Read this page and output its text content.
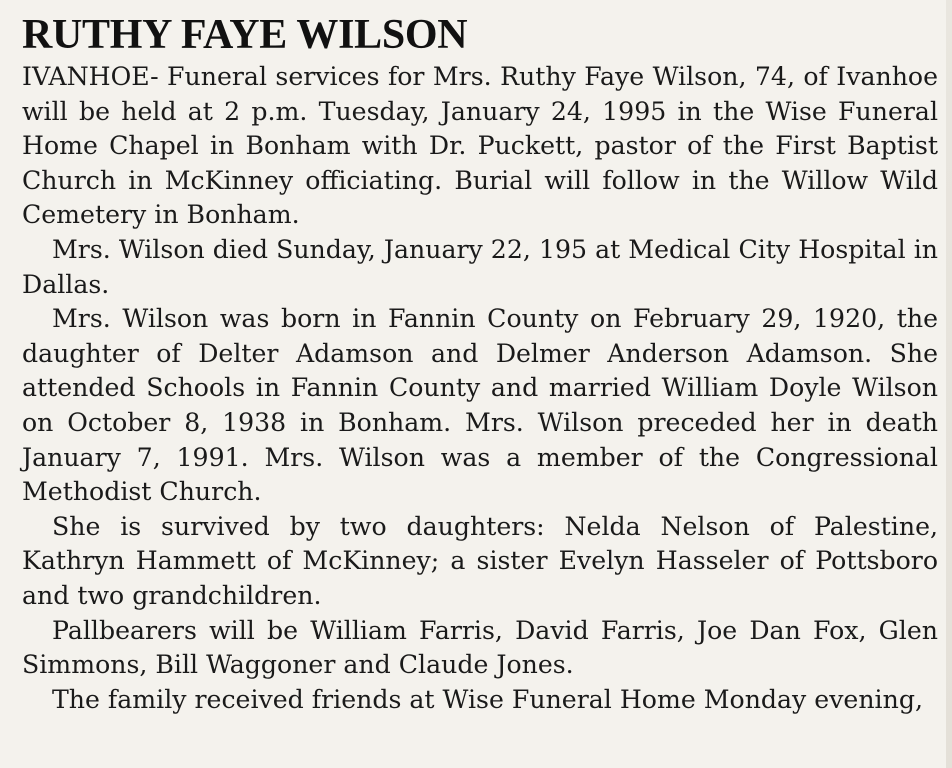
RUTHY FAYE WILSON

IVANHOE- Funeral services for Mrs. Ruthy Faye Wilson, 74, of Ivanhoe will be held at 2 p.m. Tuesday, January 24, 1995 in the Wise Funeral Home Chapel in Bonham with Dr. Puckett, pastor of the First Baptist Church in McKinney officiating. Burial will follow in the Willow Wild Cemetery in Bonham.

Mrs. Wilson died Sunday, January 22, 195 at Medical City Hospital in Dallas.

Mrs. Wilson was born in Fannin County on February 29, 1920, the daughter of Delter Adamson and Delmer Anderson Adamson. She attended Schools in Fannin County and married William Doyle Wilson on October 8, 1938 in Bonham. Mrs. Wilson preceded her in death January 7, 1991. Mrs. Wilson was a member of the Congressional Methodist Church.

She is survived by two daughters: Nelda Nelson of Palestine, Kathryn Hammett of McKinney; a sister Evelyn Hasseler of Pottsboro and two grandchildren.

Pallbearers will be William Farris, David Farris, Joe Dan Fox, Glen Simmons, Bill Waggoner and Claude Jones.

The family received friends at Wise Funeral Home Monday evening,
